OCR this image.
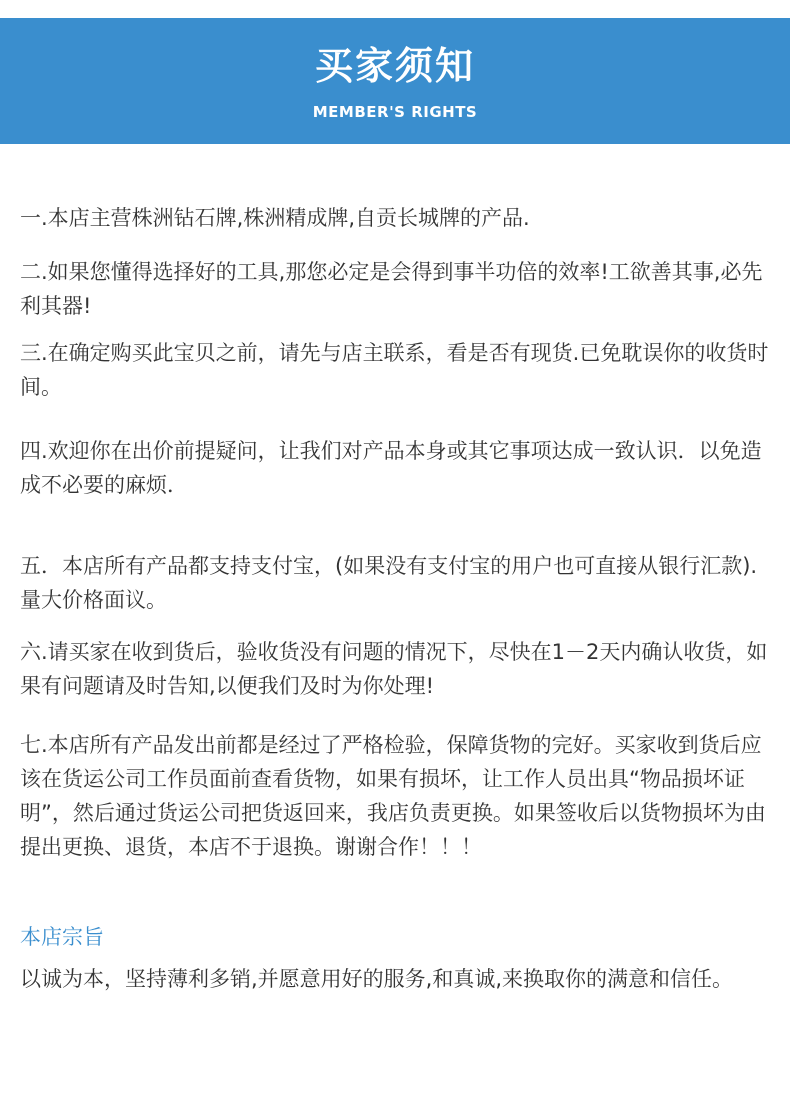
买家须知
MEMBER'S RIGHTS

一.本店主营株洲钻石牌,株洲精成牌,自贡长城牌的产品.

二.如果您懂得选择好的工具,那您必定是会得到事半功倍的效率!工欲善其事,必先利其器!

三.在确定购买此宝贝之前，请先与店主联系，看是否有现货.已免耽误你的收货时间。

四.欢迎你在出价前提疑问，让我们对产品本身或其它事项达成一致认识．以免造成不必要的麻烦．

五．本店所有产品都支持支付宝，(如果没有支付宝的用户也可直接从银行汇款).量大价格面议。

六.请买家在收到货后，验收货没有问题的情况下，尽快在1－2天内确认收货，如果有问题请及时告知,以便我们及时为你处理!

七.本店所有产品发出前都是经过了严格检验，保障货物的完好。买家收到货后应该在货运公司工作员面前查看货物，如果有损坏，让工作人员出具“物品损坏证明”，然后通过货运公司把货返回来，我店负责更换。如果签收后以货物损坏为由提出更换、退货，本店不于退换。谢谢合作！！！

本店宗旨

以诚为本，坚持薄利多销,并愿意用好的服务,和真诚,来换取你的满意和信任。
